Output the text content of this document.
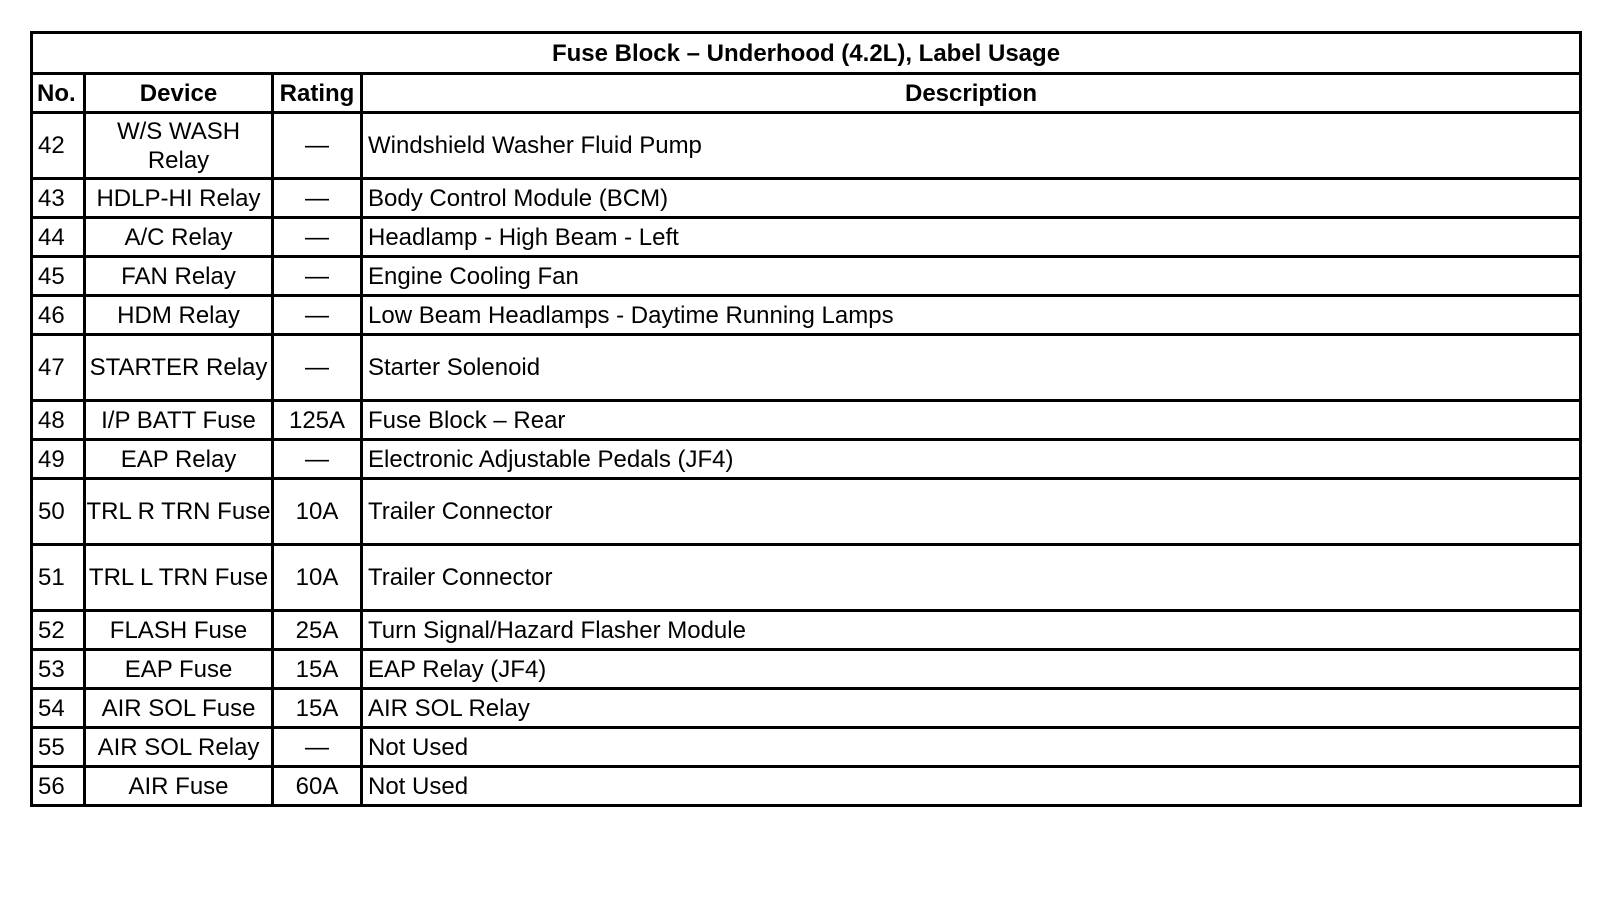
Fuse Block – Underhood (4.2L), Label Usage			
No.	Device	Rating	Description
42	W/S WASH Relay	—	Windshield Washer Fluid Pump
43	HDLP-HI Relay	—	Body Control Module (BCM)
44	A/C Relay	—	Headlamp - High Beam - Left
45	FAN Relay	—	Engine Cooling Fan
46	HDM Relay	—	Low Beam Headlamps - Daytime Running Lamps
47	STARTER Relay	—	Starter Solenoid
48	I/P BATT Fuse	125A	Fuse Block – Rear
49	EAP Relay	—	Electronic Adjustable Pedals (JF4)
50	TRL R TRN Fuse	10A	Trailer Connector
51	TRL L TRN Fuse	10A	Trailer Connector
52	FLASH Fuse	25A	Turn Signal/Hazard Flasher Module
53	EAP Fuse	15A	EAP Relay (JF4)
54	AIR SOL Fuse	15A	AIR SOL Relay
55	AIR SOL Relay	—	Not Used
56	AIR Fuse	60A	Not Used
